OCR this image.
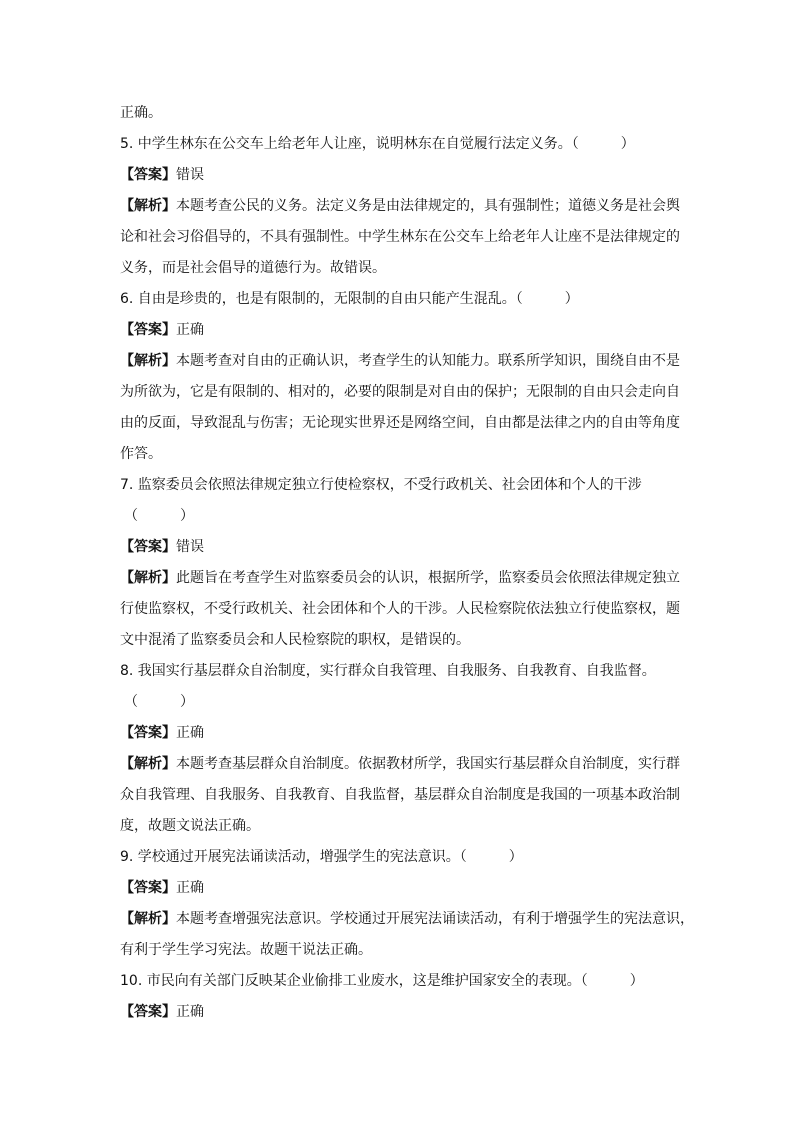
正确。
5. 中学生林东在公交车上给老年人让座，说明林东在自觉履行法定义务。（　　　）
【答案】错误
【解析】本题考查公民的义务。法定义务是由法律规定的，具有强制性；道德义务是社会舆
论和社会习俗倡导的，不具有强制性。中学生林东在公交车上给老年人让座不是法律规定的
义务，而是社会倡导的道德行为。故错误。
6. 自由是珍贵的，也是有限制的，无限制的自由只能产生混乱。（　　　）
【答案】正确
【解析】本题考查对自由的正确认识，考查学生的认知能力。联系所学知识，围绕自由不是
为所欲为，它是有限制的、相对的，必要的限制是对自由的保护；无限制的自由只会走向自
由的反面，导致混乱与伤害；无论现实世界还是网络空间，自由都是法律之内的自由等角度
作答。
7. 监察委员会依照法律规定独立行使检察权，不受行政机关、社会团体和个人的干涉
（　　　）
【答案】错误
【解析】此题旨在考查学生对监察委员会的认识，根据所学，监察委员会依照法律规定独立
行使监察权，不受行政机关、社会团体和个人的干涉。人民检察院依法独立行使监察权，题
文中混淆了监察委员会和人民检察院的职权，是错误的。
8. 我国实行基层群众自治制度，实行群众自我管理、自我服务、自我教育、自我监督。
（　　　）
【答案】正确
【解析】本题考查基层群众自治制度。依据教材所学，我国实行基层群众自治制度，实行群
众自我管理、自我服务、自我教育、自我监督，基层群众自治制度是我国的一项基本政治制
度，故题文说法正确。
9. 学校通过开展宪法诵读活动，增强学生的宪法意识。（　　　）
【答案】正确
【解析】本题考查增强宪法意识。学校通过开展宪法诵读活动，有利于增强学生的宪法意识，
有利于学生学习宪法。故题干说法正确。
10. 市民向有关部门反映某企业偷排工业废水，这是维护国家安全的表现。（　　　）
【答案】正确
